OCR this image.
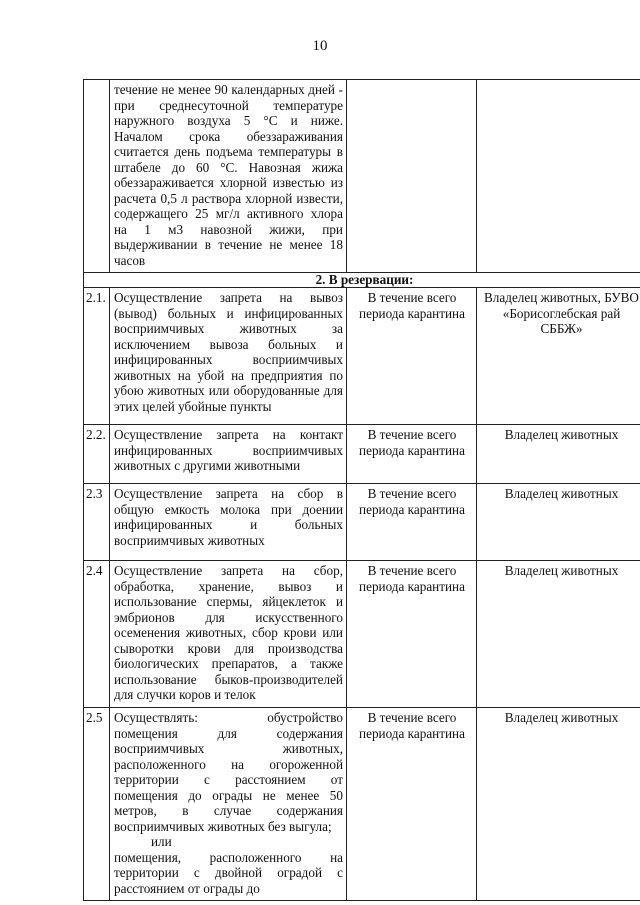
10
	течение не менее 90 календарных дней - при среднесуточной температуре наружного воздуха 5 °С и ниже. Началом срока обеззараживания считается день подъема температуры в штабеле до 60 °С. Навозная жижа обеззараживается хлорной известью из расчета 0,5 л раствора хлорной извести, содержащего 25 мг/л активного хлора на 1 м3 навозной жижи, при выдерживании в течение не менее 18 часов		
2. В резервации:			
2.1.	Осуществление запрета на вывоз (вывод) больных и инфицированных восприимчивых животных за исключением вывоза больных и инфицированных восприимчивых животных на убой на предприятия по убою животных или оборудованные для этих целей убойные пункты	В течение всего периода карантина	Владелец животных, БУВО «Борисоглебская рай СББЖ»
2.2.	Осуществление запрета на контакт инфицированных восприимчивых животных с другими животными	В течение всего периода карантина	Владелец животных
2.3	Осуществление запрета на сбор в общую емкость молока при доении инфицированных и больных восприимчивых животных	В течение всего периода карантина	Владелец животных
2.4	Осуществление запрета на сбор, обработка, хранение, вывоз и использование спермы, яйцеклеток и эмбрионов для искусственного осеменения животных, сбор крови или сыворотки крови для производства биологических препаратов, а также использование быков-производителей для случки коров и телок	В течение всего периода карантина	Владелец животных
2.5	Осуществлять: обустройство помещения для содержания восприимчивых животных, расположенного на огороженной территории с расстоянием от помещения до ограды не менее 50 метров, в случае содержания восприимчивых животных без выгула;
или
помещения, расположенного на территории с двойной оградой с расстоянием от ограды до	В течение всего периода карантина	Владелец животных
